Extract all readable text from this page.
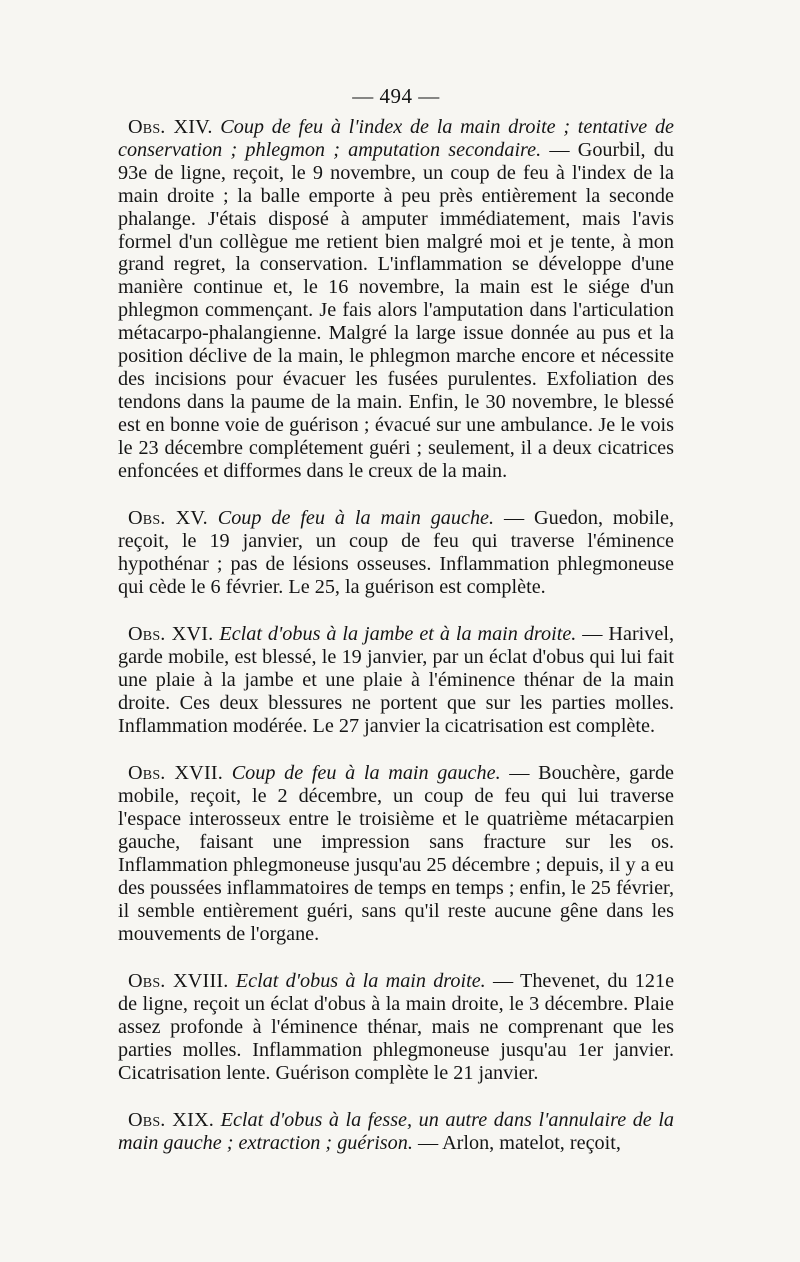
— 494 —

Obs. XIV. Coup de feu à l'index de la main droite ; tentative de conservation ; phlegmon ; amputation secondaire. — Gourbil, du 93e de ligne, reçoit, le 9 novembre, un coup de feu à l'index de la main droite ; la balle emporte à peu près entièrement la seconde phalange. J'étais disposé à amputer immédiatement, mais l'avis formel d'un collègue me retient bien malgré moi et je tente, à mon grand regret, la conservation. L'inflammation se développe d'une manière continue et, le 16 novembre, la main est le siége d'un phlegmon commençant. Je fais alors l'amputation dans l'articulation métacarpo-phalangienne. Malgré la large issue donnée au pus et la position déclive de la main, le phlegmon marche encore et nécessite des incisions pour évacuer les fusées purulentes. Exfoliation des tendons dans la paume de la main. Enfin, le 30 novembre, le blessé est en bonne voie de guérison ; évacué sur une ambulance. Je le vois le 23 décembre complétement guéri ; seulement, il a deux cicatrices enfoncées et difformes dans le creux de la main.

Obs. XV. Coup de feu à la main gauche. — Guedon, mobile, reçoit, le 19 janvier, un coup de feu qui traverse l'éminence hypothénar ; pas de lésions osseuses. Inflammation phlegmoneuse qui cède le 6 février. Le 25, la guérison est complète.

Obs. XVI. Eclat d'obus à la jambe et à la main droite. — Harivel, garde mobile, est blessé, le 19 janvier, par un éclat d'obus qui lui fait une plaie à la jambe et une plaie à l'éminence thénar de la main droite. Ces deux blessures ne portent que sur les parties molles. Inflammation modérée. Le 27 janvier la cicatrisation est complète.

Obs. XVII. Coup de feu à la main gauche. — Bouchère, garde mobile, reçoit, le 2 décembre, un coup de feu qui lui traverse l'espace interosseux entre le troisième et le quatrième métacarpien gauche, faisant une impression sans fracture sur les os. Inflammation phlegmoneuse jusqu'au 25 décembre ; depuis, il y a eu des poussées inflammatoires de temps en temps ; enfin, le 25 février, il semble entièrement guéri, sans qu'il reste aucune gêne dans les mouvements de l'organe.

Obs. XVIII. Eclat d'obus à la main droite. — Thevenet, du 121e de ligne, reçoit un éclat d'obus à la main droite, le 3 décembre. Plaie assez profonde à l'éminence thénar, mais ne comprenant que les parties molles. Inflammation phlegmoneuse jusqu'au 1er janvier. Cicatrisation lente. Guérison complète le 21 janvier.

Obs. XIX. Eclat d'obus à la fesse, un autre dans l'annulaire de la main gauche ; extraction ; guérison. — Arlon, matelot, reçoit,
